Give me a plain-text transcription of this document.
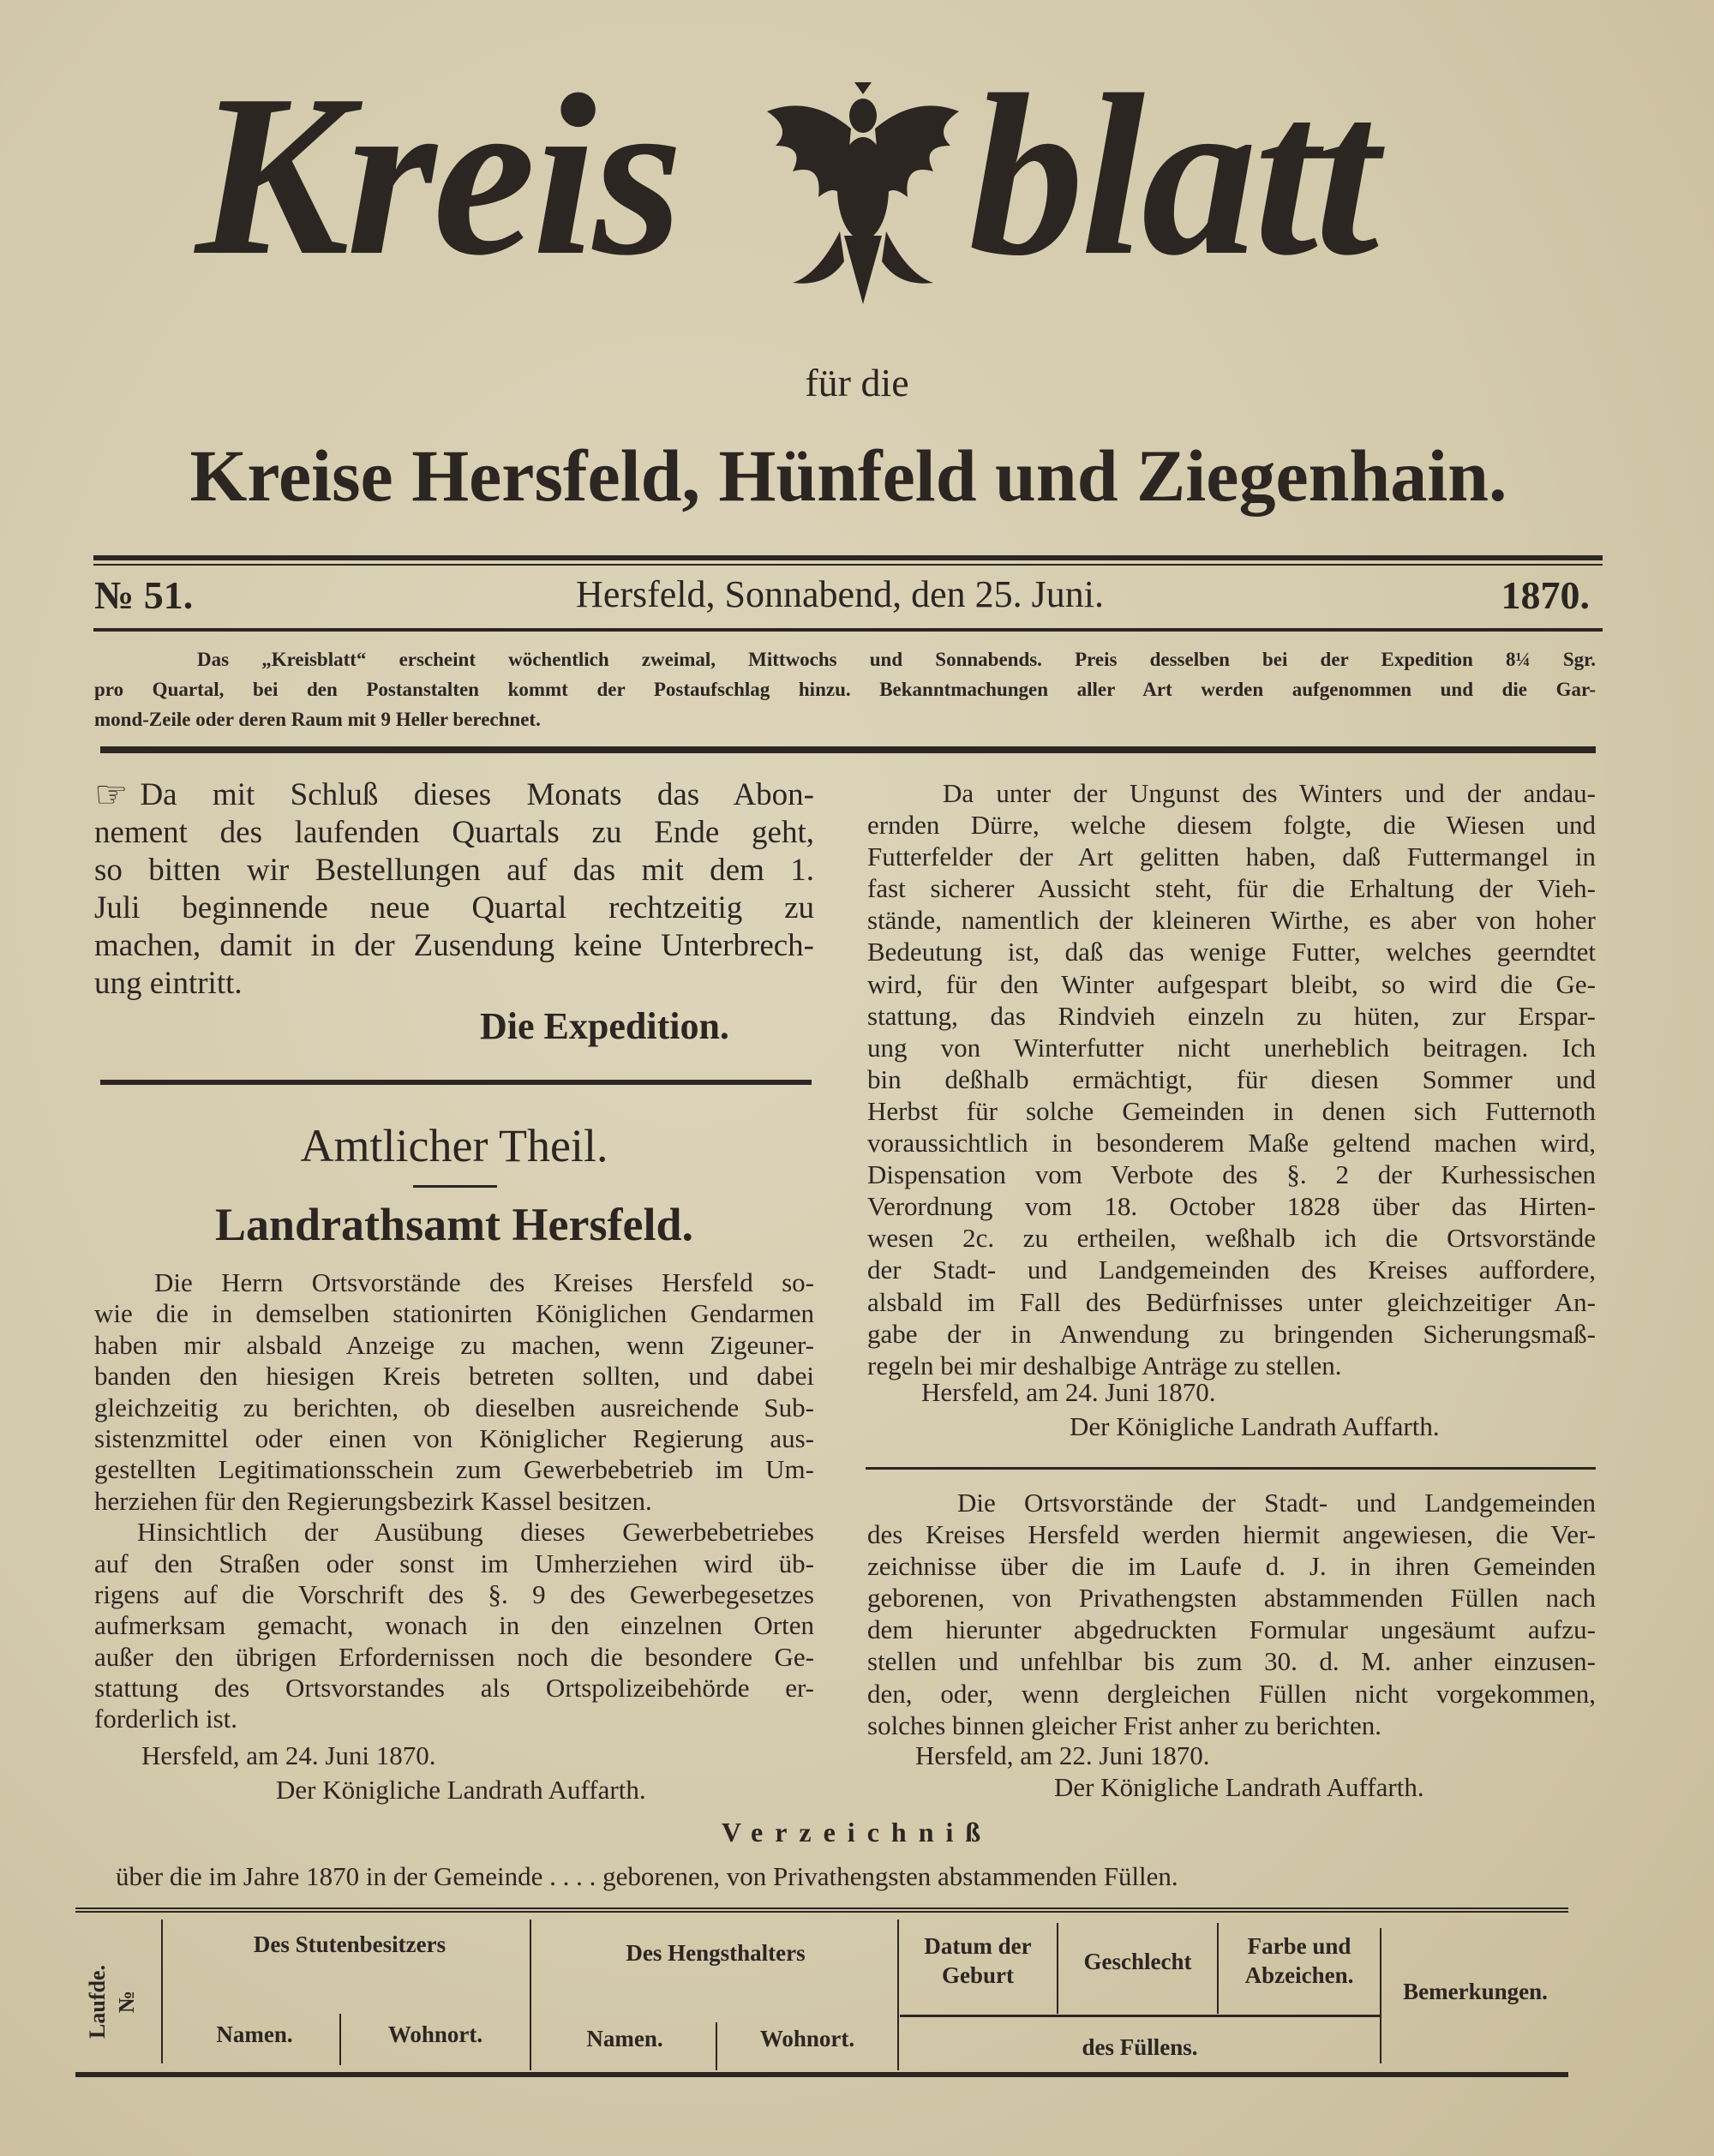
Kreis blatt
für die
Kreise Hersfeld, Hünfeld und Ziegenhain.
№ 51.	Hersfeld, Sonnabend, den 25. Juni.	1870.
Das „Kreisblatt“ erscheint wöchentlich zweimal, Mittwochs und Sonnabends. Preis desselben bei der Expedition 8¼ Sgr.
pro Quartal, bei den Postanstalten kommt der Postaufschlag hinzu. Bekanntmachungen aller Art werden aufgenommen und die Gar-
mond-Zeile oder deren Raum mit 9 Heller berechnet.
☞ Da mit Schluß dieses Monats das Abon-
nement des laufenden Quartals zu Ende geht,
so bitten wir Bestellungen auf das mit dem 1.
Juli beginnende neue Quartal rechtzeitig zu
machen, damit in der Zusendung keine Unterbrech-
ung eintritt.
Die Expedition.
Amtlicher Theil.
Landrathsamt Hersfeld.
Die Herrn Ortsvorstände des Kreises Hersfeld so-
wie die in demselben stationirten Königlichen Gendarmen
haben mir alsbald Anzeige zu machen, wenn Zigeuner-
banden den hiesigen Kreis betreten sollten, und dabei
gleichzeitig zu berichten, ob dieselben ausreichende Sub-
sistenzmittel oder einen von Königlicher Regierung aus-
gestellten Legitimationsschein zum Gewerbebetrieb im Um-
herziehen für den Regierungsbezirk Kassel besitzen.
Hinsichtlich der Ausübung dieses Gewerbebetriebes
auf den Straßen oder sonst im Umherziehen wird üb-
rigens auf die Vorschrift des §. 9 des Gewerbegesetzes
aufmerksam gemacht, wonach in den einzelnen Orten
außer den übrigen Erfordernissen noch die besondere Ge-
stattung des Ortsvorstandes als Ortspolizeibehörde er-
forderlich ist.
Hersfeld, am 24. Juni 1870.
Der Königliche Landrath Auffarth.
Da unter der Ungunst des Winters und der andau-
ernden Dürre, welche diesem folgte, die Wiesen und
Futterfelder der Art gelitten haben, daß Futtermangel in
fast sicherer Aussicht steht, für die Erhaltung der Vieh-
stände, namentlich der kleineren Wirthe, es aber von hoher
Bedeutung ist, daß das wenige Futter, welches geerndtet
wird, für den Winter aufgespart bleibt, so wird die Ge-
stattung, das Rindvieh einzeln zu hüten, zur Erspar-
ung von Winterfutter nicht unerheblich beitragen. Ich
bin deßhalb ermächtigt, für diesen Sommer und
Herbst für solche Gemeinden in denen sich Futternoth
voraussichtlich in besonderem Maße geltend machen wird,
Dispensation vom Verbote des §. 2 der Kurhessischen
Verordnung vom 18. October 1828 über das Hirten-
wesen 2c. zu ertheilen, weßhalb ich die Ortsvorstände
der Stadt- und Landgemeinden des Kreises auffordere,
alsbald im Fall des Bedürfnisses unter gleichzeitiger An-
gabe der in Anwendung zu bringenden Sicherungsmaß-
regeln bei mir deshalbige Anträge zu stellen.
Hersfeld, am 24. Juni 1870.
Der Königliche Landrath Auffarth.
Die Ortsvorstände der Stadt- und Landgemeinden
des Kreises Hersfeld werden hiermit angewiesen, die Ver-
zeichnisse über die im Laufe d. J. in ihren Gemeinden
geborenen, von Privathengsten abstammenden Füllen nach
dem hierunter abgedruckten Formular ungesäumt aufzu-
stellen und unfehlbar bis zum 30. d. M. anher einzusen-
den, oder, wenn dergleichen Füllen nicht vorgekommen,
solches binnen gleicher Frist anher zu berichten.
Hersfeld, am 22. Juni 1870.
Der Königliche Landrath Auffarth.
Verzeichniß
über die im Jahre 1870 in der Gemeinde . . . . geborenen, von Privathengsten abstammenden Füllen.
Laufde. №
Des Stutenbesitzers
Namen.	Wohnort.
Des Hengsthalters
Namen.	Wohnort.
Datum der Geburt
Geschlecht
Farbe und Abzeichen.
des Füllens.
Bemerkungen.
